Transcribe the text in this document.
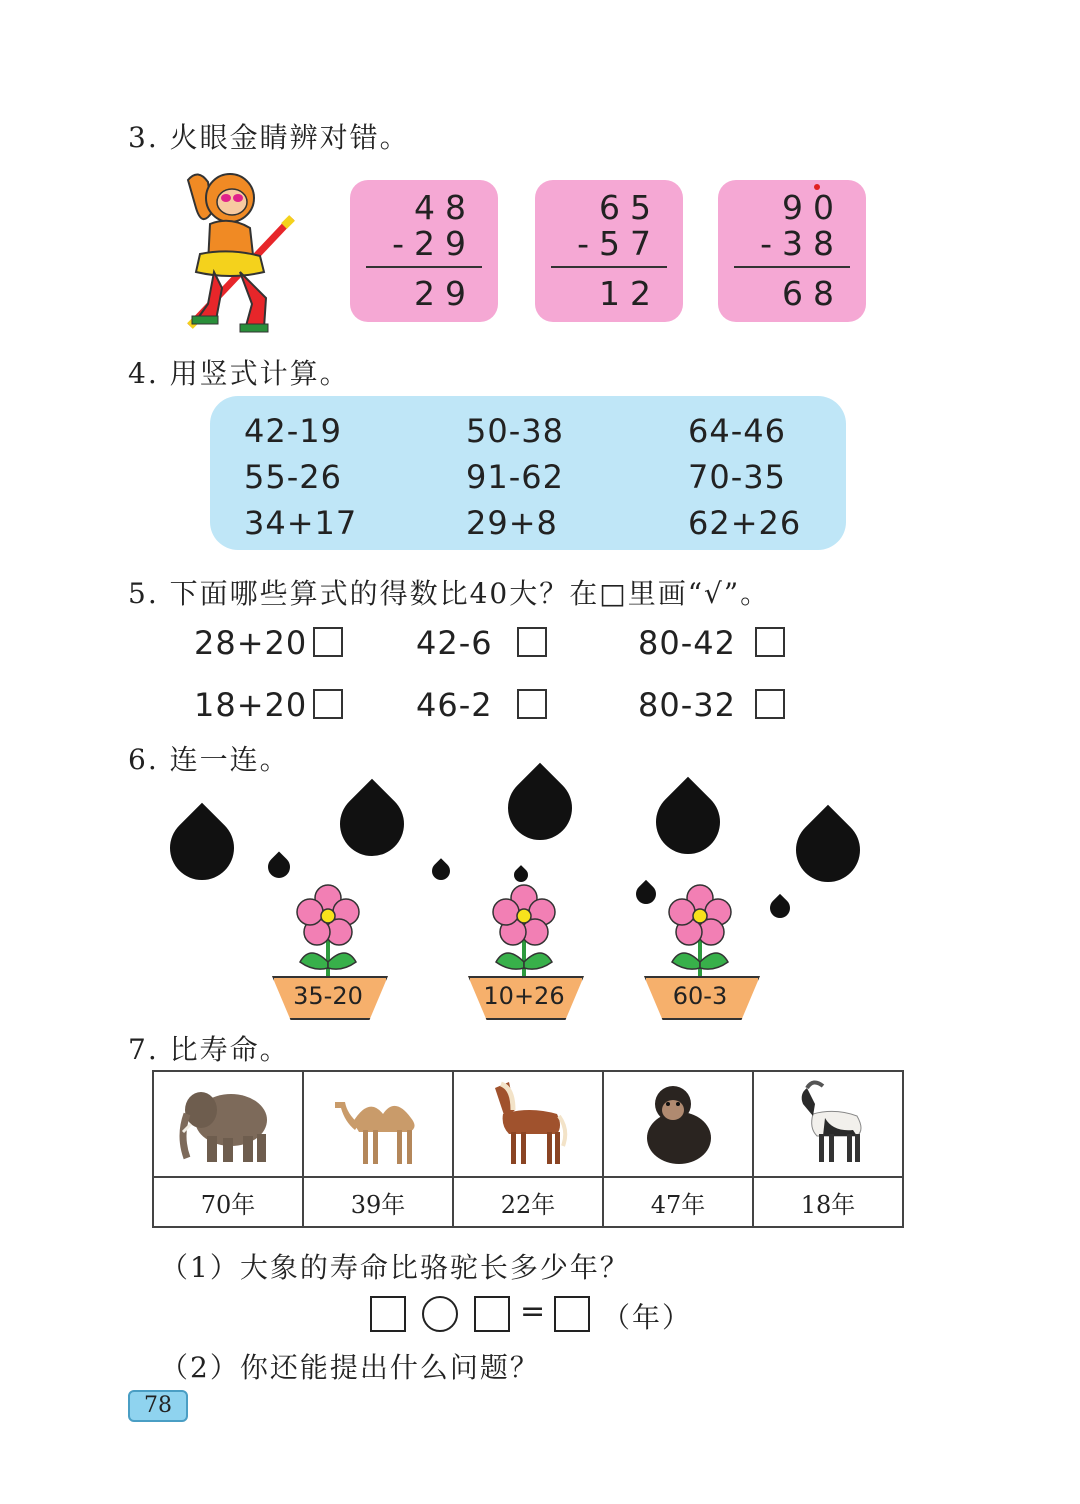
3. 火眼金睛辨对错。
48
-29
29
65
-57
12
90
-38
68
4. 用竖式计算。
42-19	50-38	64-46
55-26	91-62	70-35
34+17	29+8	62+26
5. 下面哪些算式的得数比40大？在□里画“√”。
28+20	42-6	80-42
18+20	46-2	80-32
6. 连一连。
35-20	10+26	60-3
7. 比寿命。

70年	39年	22年	47年	18年
（1）大象的寿命比骆驼长多少年？
= （年）
（2）你还能提出什么问题？
78
